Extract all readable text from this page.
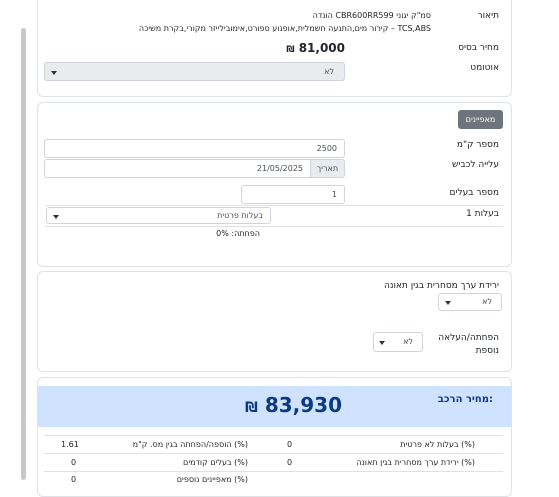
תיאור
הונדה CBR600RR599 סמ"ק יגוני
קירור מים,התנעה חשמלית,אופנוע ספורט,אימובילייזר מקורי,בקרת משיכה – TCS,ABS
מחיר בסיס
₪ 81,000
אוטומט
לא
מאפיינים
מספר ק"מ
2500
עלייה לכביש
תאריך
21/05/2025
מספר בעלים
1
בעלות 1
בעלות פרטית
הפחתה: 0%
ירידת ערך מסחרית בגין תאונה
לא
הפחתה/העלאה
נוספת
לא
מחיר הרכב:
₪ 83,930
בעלות לא פרטית (%)
0
הוספה/הפחתה בגין מס. ק"מ (%)
1.61
ירידת ערך מסחרית בגין תאונה (%)
0
בעלים קודמים (%)
0
מאפיינים נוספים (%)
0
